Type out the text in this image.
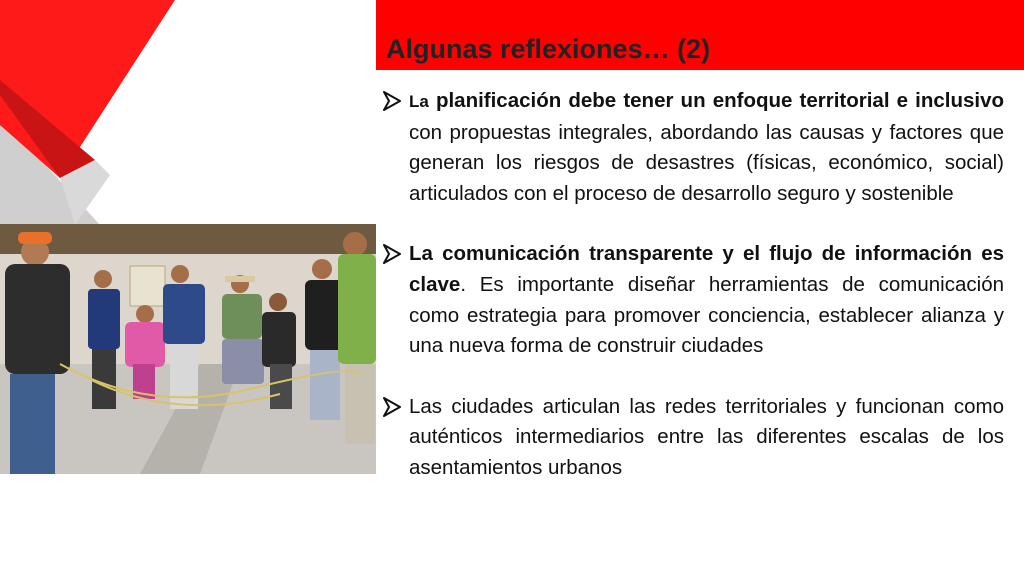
Algunas reflexiones… (2)
La planificación debe tener un enfoque territorial e inclusivo con propuestas integrales, abordando las causas y factores que generan los riesgos de desastres (físicas, económico, social) articulados con el proceso de desarrollo seguro y sostenible
La comunicación transparente y el flujo de información es clave. Es importante diseñar herramientas de comunicación como estrategia para promover conciencia, establecer alianza y una nueva forma de construir ciudades
Las ciudades articulan las redes territoriales y funcionan como auténticos intermediarios entre las diferentes escalas de los asentamientos urbanos
